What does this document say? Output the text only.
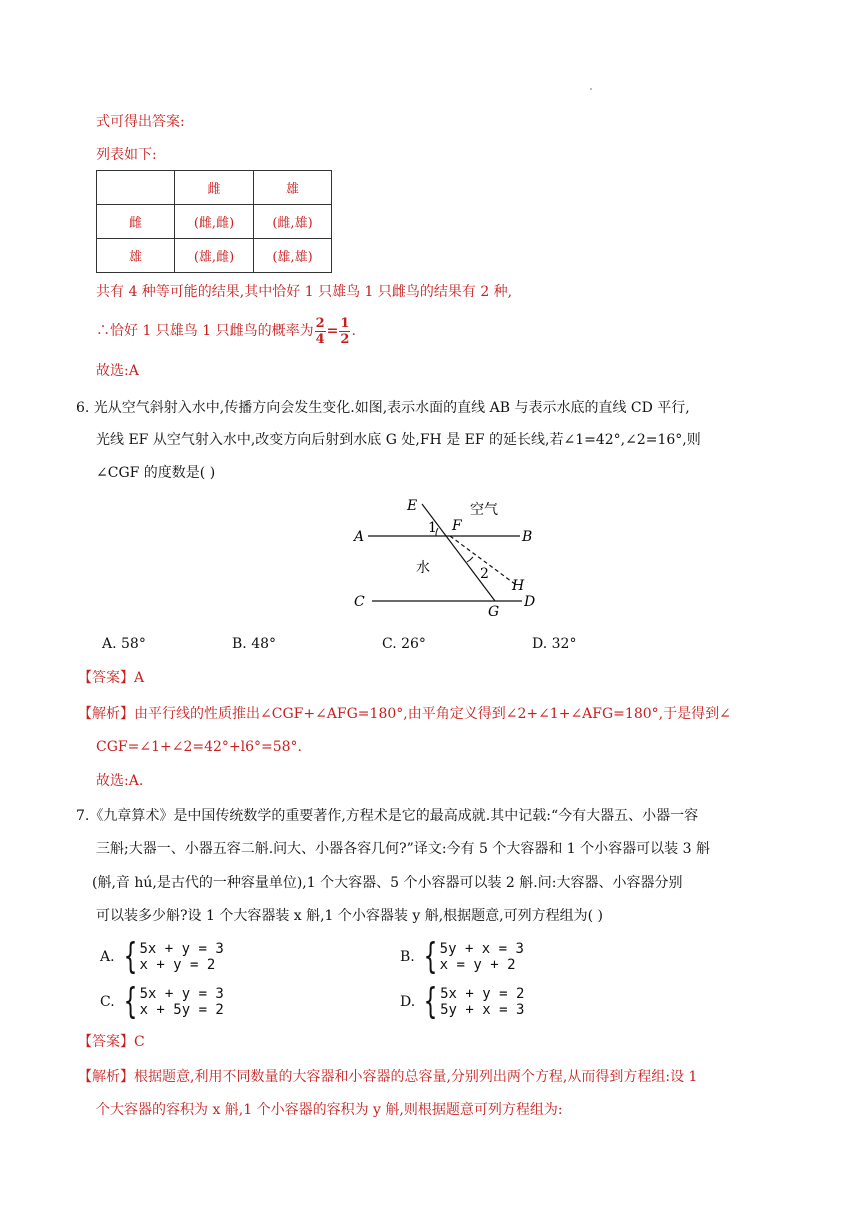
式可得出答案:
列表如下:
	雌	雄
雌	(雌,雌)	(雌,雄)
雄	(雄,雌)	(雄,雄)
共有 4 种等可能的结果,其中恰好 1 只雄鸟 1 只雌鸟的结果有 2 种,
∴恰好 1 只雄鸟 1 只雌鸟的概率为 $\frac{2}{4} = \frac{1}{2}$ .
故选:A
6. 光从空气斜射入水中,传播方向会发生变化.如图,表示水面的直线 AB 与表示水底的直线 CD 平行,
光线 EF 从空气射入水中,改变方向后射到水底 G 处,FH 是 EF 的延长线,若∠1=42°,∠2=16°,则
∠CGF 的度数是( )
E
F
1
空气
A	B
水	2
H
C	D
G
A. 58°	B. 48°	C. 26°	D. 32°
【答案】A
【解析】由平行线的性质推出∠CGF+∠AFG=180°,由平角定义得到∠2+∠1+∠AFG=180°,于是得到∠
CGF=∠1+∠2=42°+l6°=58°.
故选:A.
7.《九章算术》是中国传统数学的重要著作,方程术是它的最高成就.其中记载:“今有大器五、小器一容
三斛;大器一、小器五容二斛.问大、小器各容几何?”译文:今有 5 个大容器和 1 个小容器可以装 3 斛
(斛,音 hú,是古代的一种容量单位),1 个大容器、5 个小容器可以装 2 斛.问:大容器、小容器分别
可以装多少斛?设 1 个大容器装 x 斛,1 个小容器装 y 斛,根据题意,可列方程组为( )
A. { 5x + y = 3
x + y = 2	B. { 5y + x = 3
x = y + 2
C. { 5x + y = 3
x + 5y = 2	D. { 5x + y = 2
5y + x = 3
【答案】C
【解析】根据题意,利用不同数量的大容器和小容器的总容量,分别列出两个方程,从而得到方程组:设 1
个大容器的容积为 x 斛,1 个小容器的容积为 y 斛,则根据题意可列方程组为:
